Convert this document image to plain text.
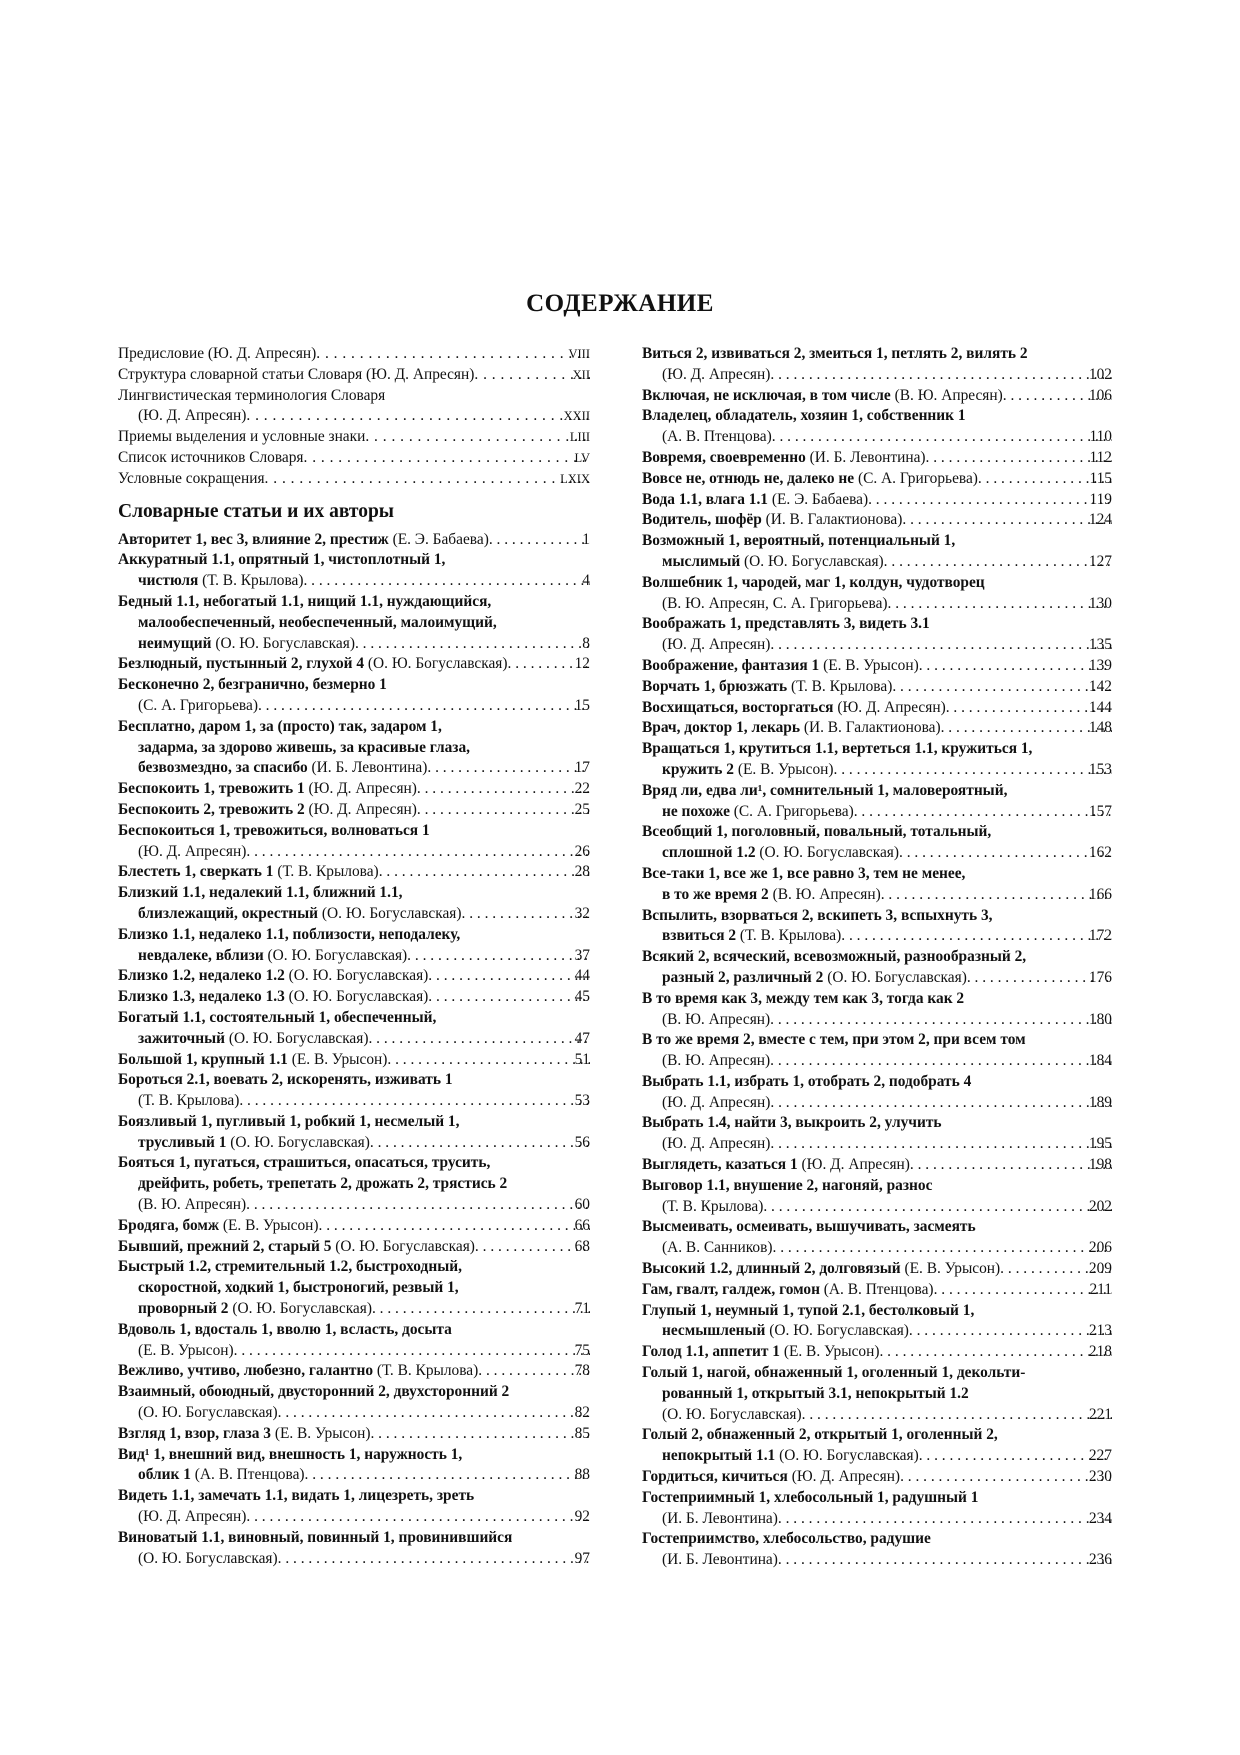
СОДЕРЖАНИЕ
Предисловие (Ю. Д. Апресян) . . .	VIII
Структура словарной статьи Словаря (Ю. Д. Апресян) . . .	XII
Лингвистическая терминология Словаря
(Ю. Д. Апресян) . . .	XXII
Приемы выделения и условные знаки . . .	LIII
Список источников Словаря . . .	LV
Условные сокращения . . .	LXIX
Словарные статьи и их авторы
Авторитет 1, вес 3, влияние 2, престиж (Е. Э. Бабаева) . . .	1
Аккуратный 1.1, опрятный 1, чистоплотный 1,
чистюля (Т. В. Крылова) . . .	4
Бедный 1.1, небогатый 1.1, нищий 1.1, нуждающийся,
малообеспеченный, необеспеченный, малоимущий,
неимущий (О. Ю. Богуславская) . . .	8
Безлюдный, пустынный 2, глухой 4 (О. Ю. Богуславская) . . .	12
Бесконечно 2, безгранично, безмерно 1
(С. А. Григорьева) . . .	15
Бесплатно, даром 1, за (просто) так, задаром 1,
задарма, за здорово живешь, за красивые глаза,
безвозмездно, за спасибо (И. Б. Левонтина) . . .	17
Беспокоить 1, тревожить 1 (Ю. Д. Апресян) . . .	22
Беспокоить 2, тревожить 2 (Ю. Д. Апресян) . . .	25
Беспокоиться 1, тревожиться, волноваться 1
(Ю. Д. Апресян) . . .	26
Блестеть 1, сверкать 1 (Т. В. Крылова) . . .	28
Близкий 1.1, недалекий 1.1, ближний 1.1,
близлежащий, окрестный (О. Ю. Богуславская) . . .	32
Близко 1.1, недалеко 1.1, поблизости, неподалеку,
невдалеке, вблизи (О. Ю. Богуславская) . . .	37
Близко 1.2, недалеко 1.2 (О. Ю. Богуславская) . . .	44
Близко 1.3, недалеко 1.3 (О. Ю. Богуславская) . . .	45
Богатый 1.1, состоятельный 1, обеспеченный,
зажиточный (О. Ю. Богуславская) . . .	47
Большой 1, крупный 1.1 (Е. В. Урысон) . . .	51
Бороться 2.1, воевать 2, искоренять, изживать 1
(Т. В. Крылова) . . .	53
Боязливый 1, пугливый 1, робкий 1, несмелый 1,
трусливый 1 (О. Ю. Богуславская) . . .	56
Бояться 1, пугаться, страшиться, опасаться, трусить,
дрейфить, робеть, трепетать 2, дрожать 2, трястись 2
(В. Ю. Апресян) . . .	60
Бродяга, бомж (Е. В. Урысон) . . .	66
Бывший, прежний 2, старый 5 (О. Ю. Богуславская) . . .	68
Быстрый 1.2, стремительный 1.2, быстроходный,
скоростной, ходкий 1, быстроногий, резвый 1,
проворный 2 (О. Ю. Богуславская) . . .	71
Вдоволь 1, вдосталь 1, вволю 1, всласть, досыта
(Е. В. Урысон) . . .	75
Вежливо, учтиво, любезно, галантно (Т. В. Крылова) . . .	78
Взаимный, обоюдный, двусторонний 2, двухсторонний 2
(О. Ю. Богуславская) . . .	82
Взгляд 1, взор, глаза 3 (Е. В. Урысон) . . .	85
Вид¹ 1, внешний вид, внешность 1, наружность 1,
облик 1 (А. В. Птенцова) . . .	88
Видеть 1.1, замечать 1.1, видать 1, лицезреть, зреть
(Ю. Д. Апресян) . . .	92
Виноватый 1.1, виновный, повинный 1, провинившийся
(О. Ю. Богуславская) . . .	97
Виться 2, извиваться 2, змеиться 1, петлять 2, вилять 2
(Ю. Д. Апресян) . . .	102
Включая, не исключая, в том числе (В. Ю. Апресян) . . .	106
Владелец, обладатель, хозяин 1, собственник 1
(А. В. Птенцова) . . .	110
Вовремя, своевременно (И. Б. Левонтина) . . .	112
Вовсе не, отнюдь не, далеко не (С. А. Григорьева) . . .	115
Вода 1.1, влага 1.1 (Е. Э. Бабаева) . . .	119
Водитель, шофёр (И. В. Галактионова) . . .	124
Возможный 1, вероятный, потенциальный 1,
мыслимый (О. Ю. Богуславская) . . .	127
Волшебник 1, чародей, маг 1, колдун, чудотворец
(В. Ю. Апресян, С. А. Григорьева) . . .	130
Воображать 1, представлять 3, видеть 3.1
(Ю. Д. Апресян) . . .	135
Воображение, фантазия 1 (Е. В. Урысон) . . .	139
Ворчать 1, брюзжать (Т. В. Крылова) . . .	142
Восхищаться, восторгаться (Ю. Д. Апресян) . . .	144
Врач, доктор 1, лекарь (И. В. Галактионова) . . .	148
Вращаться 1, крутиться 1.1, вертеться 1.1, кружиться 1,
кружить 2 (Е. В. Урысон) . . .	153
Вряд ли, едва ли¹, сомнительный 1, маловероятный,
не похоже (С. А. Григорьева) . . .	157
Всеобщий 1, поголовный, повальный, тотальный,
сплошной 1.2 (О. Ю. Богуславская) . . .	162
Все-таки 1, все же 1, все равно 3, тем не менее,
в то же время 2 (В. Ю. Апресян) . . .	166
Вспылить, взорваться 2, вскипеть 3, вспыхнуть 3,
взвиться 2 (Т. В. Крылова) . . .	172
Всякий 2, всяческий, всевозможный, разнообразный 2,
разный 2, различный 2 (О. Ю. Богуславская) . . .	176
В то время как 3, между тем как 3, тогда как 2
(В. Ю. Апресян) . . .	180
В то же время 2, вместе с тем, при этом 2, при всем том
(В. Ю. Апресян) . . .	184
Выбрать 1.1, избрать 1, отобрать 2, подобрать 4
(Ю. Д. Апресян) . . .	189
Выбрать 1.4, найти 3, выкроить 2, улучить
(Ю. Д. Апресян) . . .	195
Выглядеть, казаться 1 (Ю. Д. Апресян) . . .	198
Выговор 1.1, внушение 2, нагоняй, разнос
(Т. В. Крылова) . . .	202
Высмеивать, осмеивать, вышучивать, засмеять
(А. В. Санников) . . .	206
Высокий 1.2, длинный 2, долговязый (Е. В. Урысон) . . .	209
Гам, гвалт, галдеж, гомон (А. В. Птенцова) . . .	211
Глупый 1, неумный 1, тупой 2.1, бестолковый 1,
несмышленый (О. Ю. Богуславская) . . .	213
Голод 1.1, аппетит 1 (Е. В. Урысон) . . .	218
Голый 1, нагой, обнаженный 1, оголенный 1, декольти-
рованный 1, открытый 3.1, непокрытый 1.2
(О. Ю. Богуславская) . . .	221
Голый 2, обнаженный 2, открытый 1, оголенный 2,
непокрытый 1.1 (О. Ю. Богуславская) . . .	227
Гордиться, кичиться (Ю. Д. Апресян) . . .	230
Гостеприимный 1, хлебосольный 1, радушный 1
(И. Б. Левонтина) . . .	234
Гостеприимство, хлебосольство, радушие
(И. Б. Левонтина) . . .	236
